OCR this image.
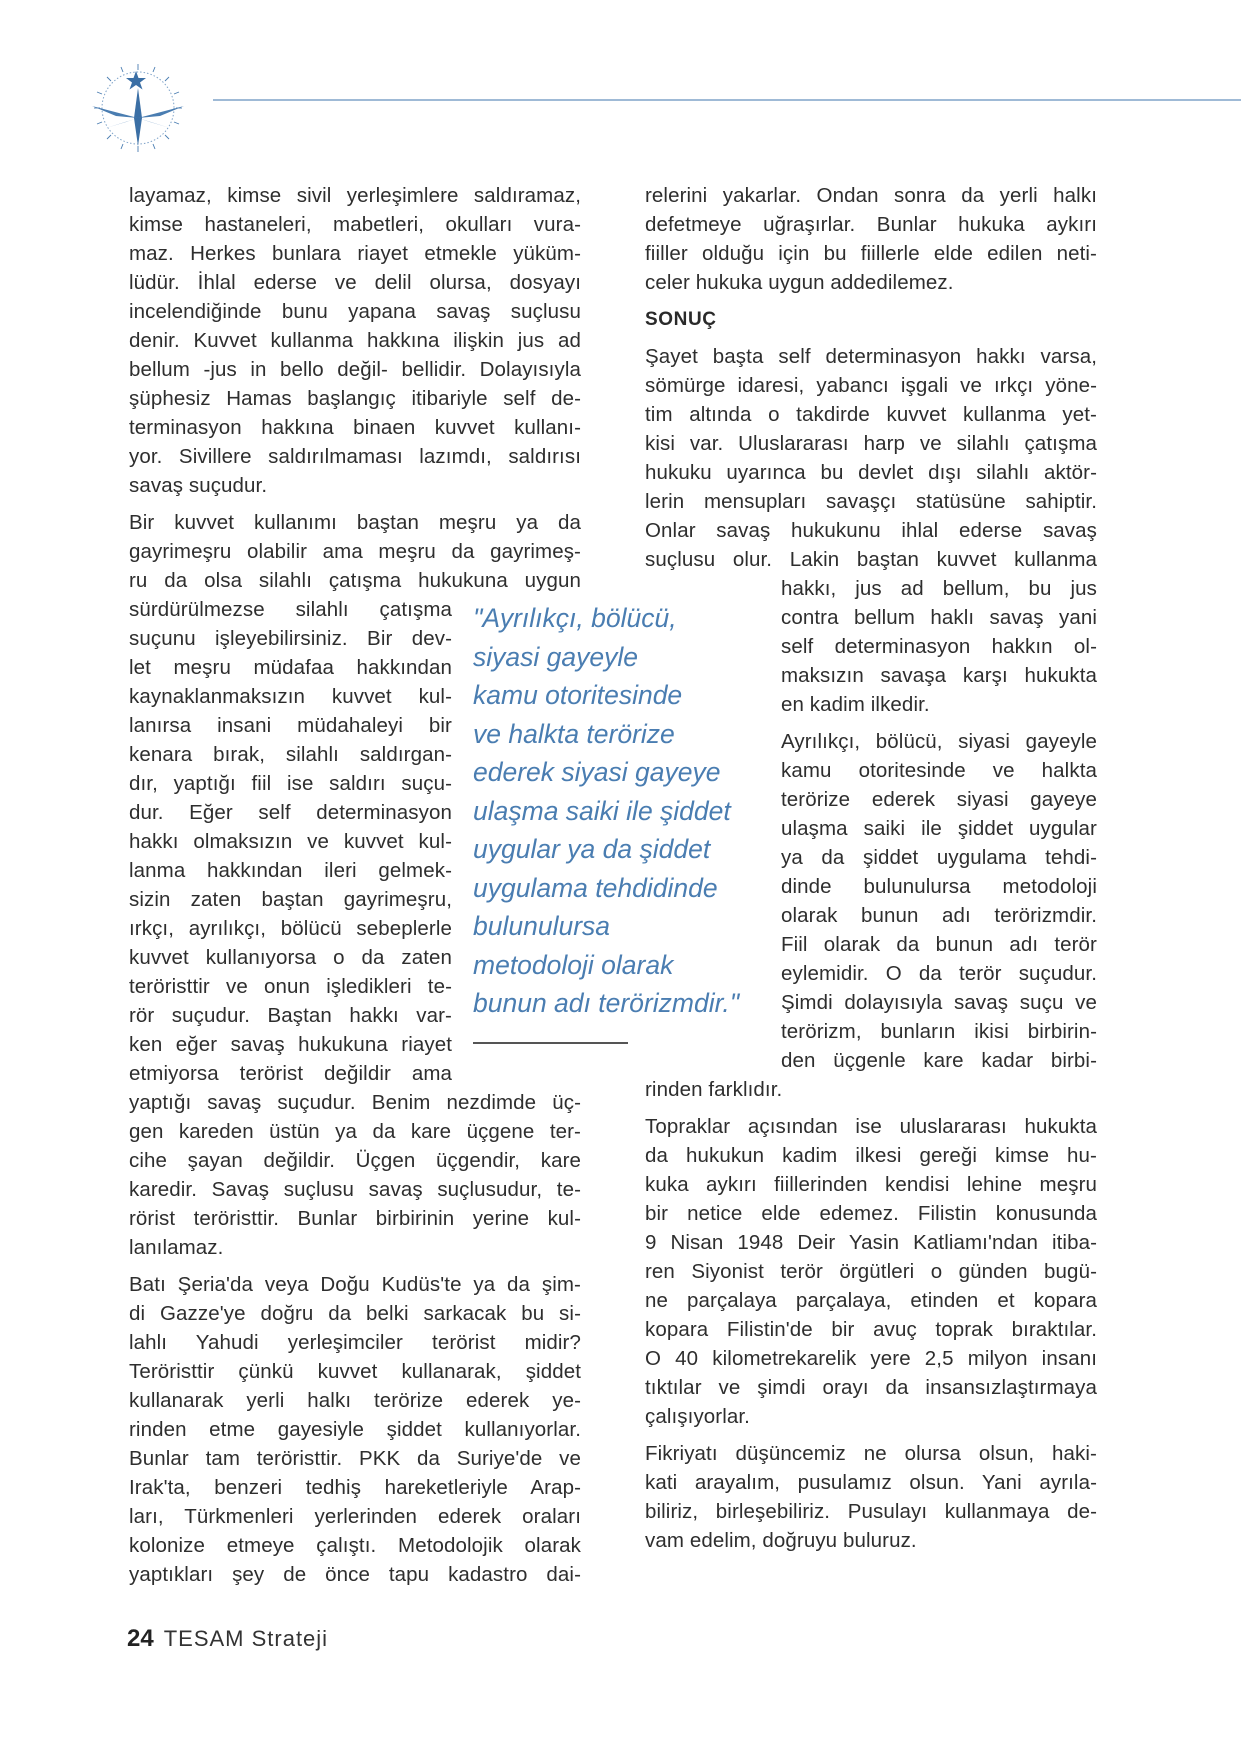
layamaz, kimse sivil yerleşimlere saldıramaz,
kimse hastaneleri, mabetleri, okulları vura-
maz. Herkes bunlara riayet etmekle yüküm-
lüdür. İhlal ederse ve delil olursa, dosyayı
incelendiğinde bunu yapana savaş suçlusu
denir. Kuvvet kullanma hakkına ilişkin jus ad
bellum -jus in bello değil- bellidir. Dolayısıyla
şüphesiz Hamas başlangıç itibariyle self de-
terminasyon hakkına binaen kuvvet kullanı-
yor. Sivillere saldırılmaması lazımdı, saldırısı
savaş suçudur.
Bir kuvvet kullanımı baştan meşru ya da
gayrimeşru olabilir ama meşru da gayrimeş-
ru da olsa silahlı çatışma hukukuna uygun
sürdürülmezse silahlı çatışma
suçunu işleyebilirsiniz. Bir dev-
let meşru müdafaa hakkından
kaynaklanmaksızın kuvvet kul-
lanırsa insani müdahaleyi bir
kenara bırak, silahlı saldırgan-
dır, yaptığı fiil ise saldırı suçu-
dur. Eğer self determinasyon
hakkı olmaksızın ve kuvvet kul-
lanma hakkından ileri gelmek-
sizin zaten baştan gayrimeşru,
ırkçı, ayrılıkçı, bölücü sebeplerle
kuvvet kullanıyorsa o da zaten
teröristtir ve onun işledikleri te-
rör suçudur. Baştan hakkı var-
ken eğer savaş hukukuna riayet
etmiyorsa terörist değildir ama
yaptığı savaş suçudur. Benim nezdimde üç-
gen kareden üstün ya da kare üçgene ter-
cihe şayan değildir. Üçgen üçgendir, kare
karedir. Savaş suçlusu savaş suçlusudur, te-
rörist teröristtir. Bunlar birbirinin yerine kul-
lanılamaz.
Batı Şeria'da veya Doğu Kudüs'te ya da şim-
di Gazze'ye doğru da belki sarkacak bu si-
lahlı Yahudi yerleşimciler terörist midir?
Teröristtir çünkü kuvvet kullanarak, şiddet
kullanarak yerli halkı terörize ederek ye-
rinden etme gayesiyle şiddet kullanıyorlar.
Bunlar tam teröristtir. PKK da Suriye'de ve
Irak'ta, benzeri tedhiş hareketleriyle Arap-
ları, Türkmenleri yerlerinden ederek oraları
kolonize etmeye çalıştı. Metodolojik olarak
yaptıkları şey de önce tapu kadastro dai-
"Ayrılıkçı, bölücü,
siyasi gayeyle
kamu otoritesinde
ve halkta terörize
ederek siyasi gayeye
ulaşma saiki ile şiddet
uygular ya da şiddet
uygulama tehdidinde
bulunulursa
metodoloji olarak
bunun adı terörizmdir."
relerini yakarlar. Ondan sonra da yerli halkı
defetmeye uğraşırlar. Bunlar hukuka aykırı
fiiller olduğu için bu fiillerle elde edilen neti-
celer hukuka uygun addedilemez.
SONUÇ
Şayet başta self determinasyon hakkı varsa,
sömürge idaresi, yabancı işgali ve ırkçı yöne-
tim altında o takdirde kuvvet kullanma yet-
kisi var. Uluslararası harp ve silahlı çatışma
hukuku uyarınca bu devlet dışı silahlı aktör-
lerin mensupları savaşçı statüsüne sahiptir.
Onlar savaş hukukunu ihlal ederse savaş
suçlusu olur. Lakin baştan kuvvet kullanma
hakkı, jus ad bellum, bu jus
contra bellum haklı savaş yani
self determinasyon hakkın ol-
maksızın savaşa karşı hukukta
en kadim ilkedir.
Ayrılıkçı, bölücü, siyasi gayeyle
kamu otoritesinde ve halkta
terörize ederek siyasi gayeye
ulaşma saiki ile şiddet uygular
ya da şiddet uygulama tehdi-
dinde bulunulursa metodoloji
olarak bunun adı terörizmdir.
Fiil olarak da bunun adı terör
eylemidir. O da terör suçudur.
Şimdi dolayısıyla savaş suçu ve
terörizm, bunların ikisi birbirin-
den üçgenle kare kadar birbi-
rinden farklıdır.
Topraklar açısından ise uluslararası hukukta
da hukukun kadim ilkesi gereği kimse hu-
kuka aykırı fiillerinden kendisi lehine meşru
bir netice elde edemez. Filistin konusunda
9 Nisan 1948 Deir Yasin Katliamı'ndan itiba-
ren Siyonist terör örgütleri o günden bugü-
ne parçalaya parçalaya, etinden et kopara
kopara Filistin'de bir avuç toprak bıraktılar.
O 40 kilometrekarelik yere 2,5 milyon insanı
tıktılar ve şimdi orayı da insansızlaştırmaya
çalışıyorlar.
Fikriyatı düşüncemiz ne olursa olsun, haki-
kati arayalım, pusulamız olsun. Yani ayrıla-
biliriz, birleşebiliriz. Pusulayı kullanmaya de-
vam edelim, doğruyu buluruz.
24 TESAM Strateji
